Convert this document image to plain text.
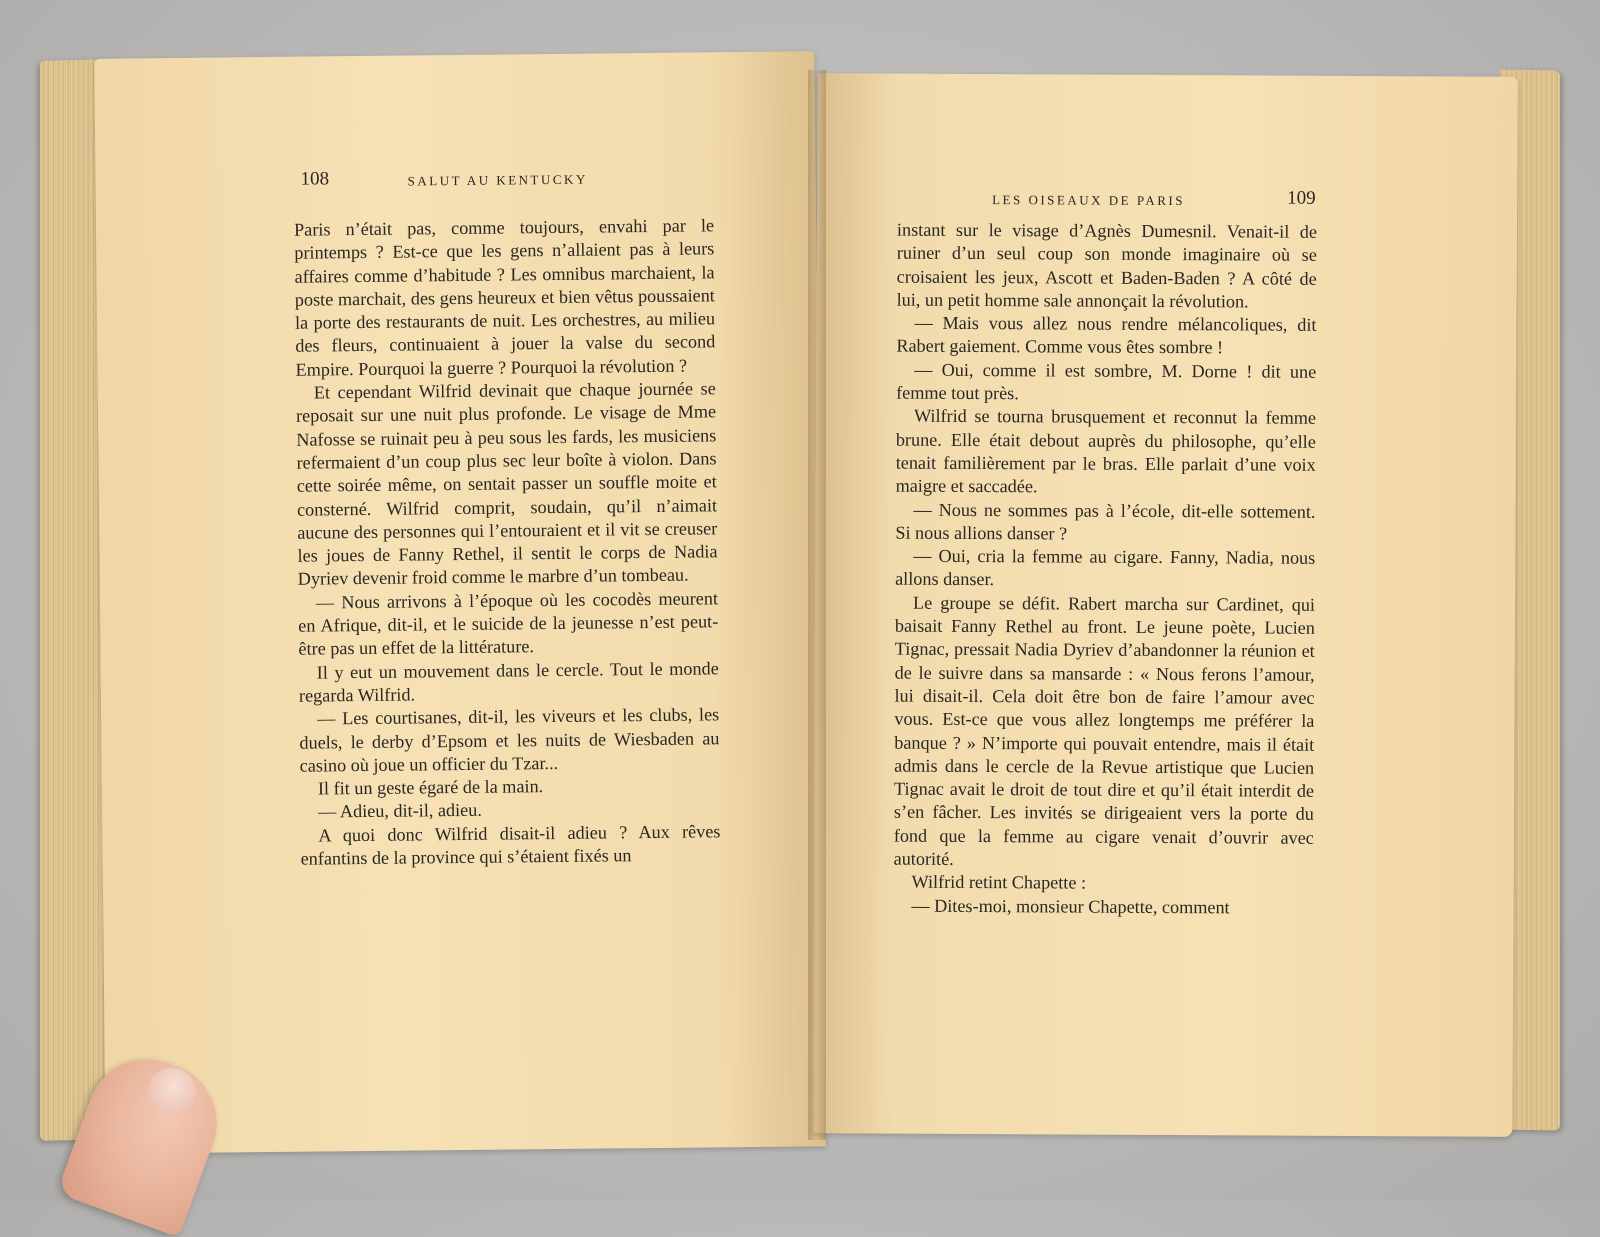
108	SALUT AU KENTUCKY

Paris n’était pas, comme toujours, envahi par le printemps ? Est-ce que les gens n’allaient pas à leurs affaires comme d’habitude ? Les omnibus marchaient, la poste marchait, des gens heureux et bien vêtus poussaient la porte des restaurants de nuit. Les orchestres, au milieu des fleurs, continuaient à jouer la valse du second Empire. Pourquoi la guerre ? Pourquoi la révolution ?

Et cependant Wilfrid devinait que chaque journée se reposait sur une nuit plus profonde. Le visage de Mme Nafosse se ruinait peu à peu sous les fards, les musiciens refermaient d’un coup plus sec leur boîte à violon. Dans cette soirée même, on sentait passer un souffle moite et consterné. Wilfrid comprit, soudain, qu’il n’aimait aucune des personnes qui l’entouraient et il vit se creuser les joues de Fanny Rethel, il sentit le corps de Nadia Dyriev devenir froid comme le marbre d’un tombeau.

— Nous arrivons à l’époque où les cocodès meurent en Afrique, dit-il, et le suicide de la jeunesse n’est peut-être pas un effet de la littérature.

Il y eut un mouvement dans le cercle. Tout le monde regarda Wilfrid.

— Les courtisanes, dit-il, les viveurs et les clubs, les duels, le derby d’Epsom et les nuits de Wiesbaden au casino où joue un officier du Tzar...

Il fit un geste égaré de la main.

— Adieu, dit-il, adieu.

A quoi donc Wilfrid disait-il adieu ? Aux rêves enfantins de la province qui s’étaient fixés un

LES OISEAUX DE PARIS	109

instant sur le visage d’Agnès Dumesnil. Venait-il de ruiner d’un seul coup son monde imaginaire où se croisaient les jeux, Ascott et Baden-Baden ? A côté de lui, un petit homme sale annonçait la révolution.

— Mais vous allez nous rendre mélancoliques, dit Rabert gaiement. Comme vous êtes sombre !

— Oui, comme il est sombre, M. Dorne ! dit une femme tout près.

Wilfrid se tourna brusquement et reconnut la femme brune. Elle était debout auprès du philosophe, qu’elle tenait familièrement par le bras. Elle parlait d’une voix maigre et saccadée.

— Nous ne sommes pas à l’école, dit-elle sottement. Si nous allions danser ?

— Oui, cria la femme au cigare. Fanny, Nadia, nous allons danser.

Le groupe se défit. Rabert marcha sur Cardinet, qui baisait Fanny Rethel au front. Le jeune poète, Lucien Tignac, pressait Nadia Dyriev d’abandonner la réunion et de le suivre dans sa mansarde : « Nous ferons l’amour, lui disait-il. Cela doit être bon de faire l’amour avec vous. Est-ce que vous allez longtemps me préférer la banque ? » N’importe qui pouvait entendre, mais il était admis dans le cercle de la Revue artistique que Lucien Tignac avait le droit de tout dire et qu’il était interdit de s’en fâcher. Les invités se dirigeaient vers la porte du fond que la femme au cigare venait d’ouvrir avec autorité.

Wilfrid retint Chapette :

— Dites-moi, monsieur Chapette, comment
